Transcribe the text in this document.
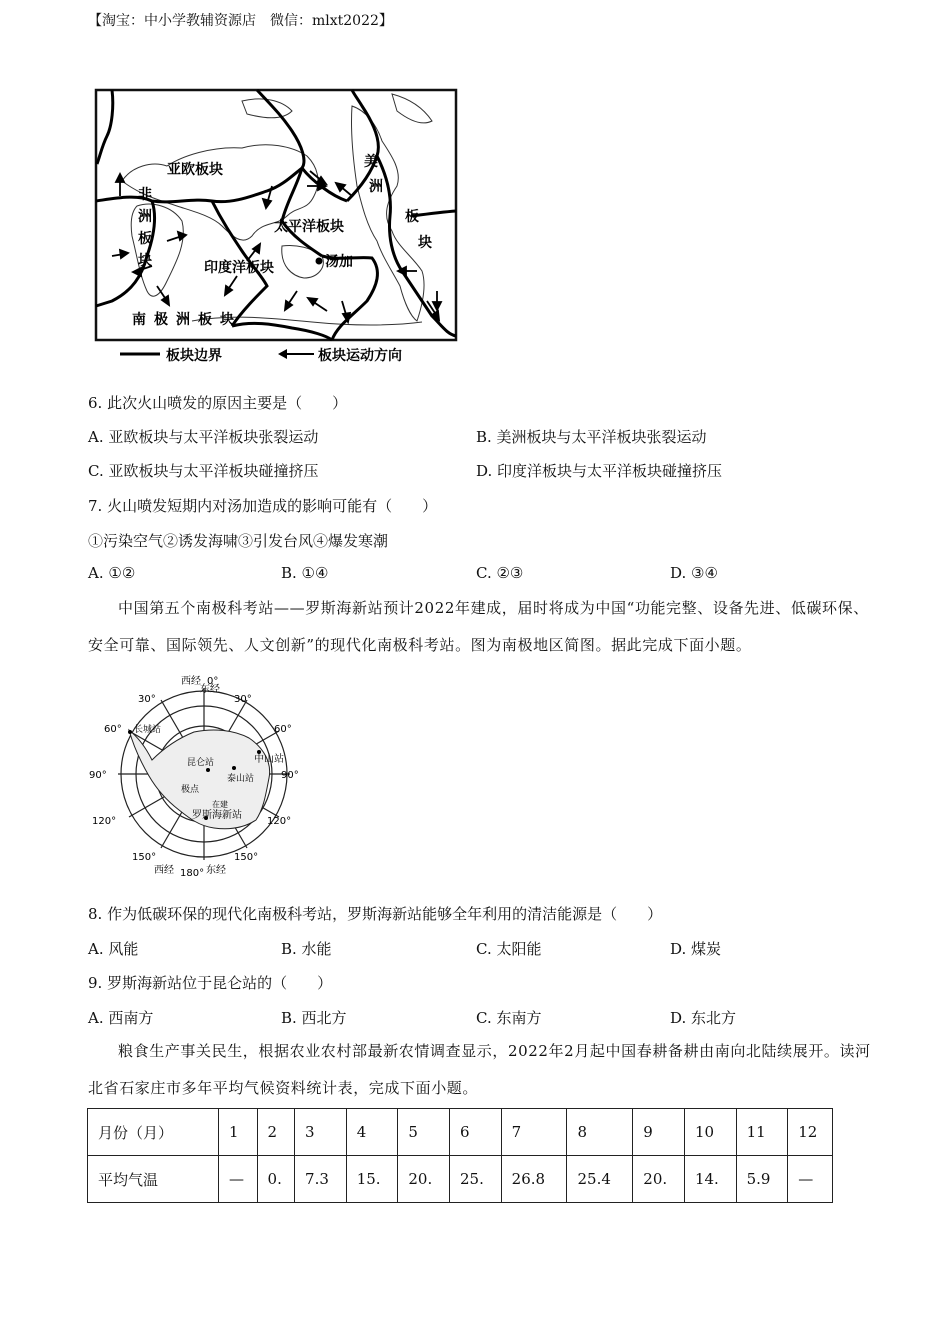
【淘宝：中小学教辅资源店　微信：mlxt2022】
亚欧板块
太平洋板块
印度洋板块
南极洲板块
汤加
非
洲
板
块
美
洲
板
块
板块边界	板块运动方向
6. 此次火山喷发的原因主要是（　　）
A. 亚欧板块与太平洋板块张裂运动	B. 美洲板块与太平洋板块张裂运动
C. 亚欧板块与太平洋板块碰撞挤压	D. 印度洋板块与太平洋板块碰撞挤压
7. 火山喷发短期内对汤加造成的影响可能有（　　）
①污染空气②诱发海啸③引发台风④爆发寒潮
A. ①②	B. ①④	C. ②③	D. ③④
中国第五个南极科考站——罗斯海新站预计2022年建成，届时将成为中国“功能完整、设备先进、低碳环保、安全可靠、国际领先、人文创新”的现代化南极科考站。图为南极地区简图。据此完成下面小题。
西经 0°
东经
30°	30°
60°	60°
90°	90°
120°	120°
150°	150°
西经 180° 东经
长城站
昆仑站	中山站
泰山站
极点
在建
罗斯海新站
8. 作为低碳环保的现代化南极科考站，罗斯海新站能够全年利用的清洁能源是（　　）
A. 风能	B. 水能	C. 太阳能	D. 煤炭
9. 罗斯海新站位于昆仑站的（　　）
A. 西南方	B. 西北方	C. 东南方	D. 东北方
粮食生产事关民生，根据农业农村部最新农情调查显示，2022年2月起中国春耕备耕由南向北陆续展开。读河北省石家庄市多年平均气候资料统计表，完成下面小题。
月份（月）	1	2	3	4	5	6	7	8	9	10	11	12
平均气温	—	0.	7.3	15.	20.	25.	26.8	25.4	20.	14.	5.9	—
